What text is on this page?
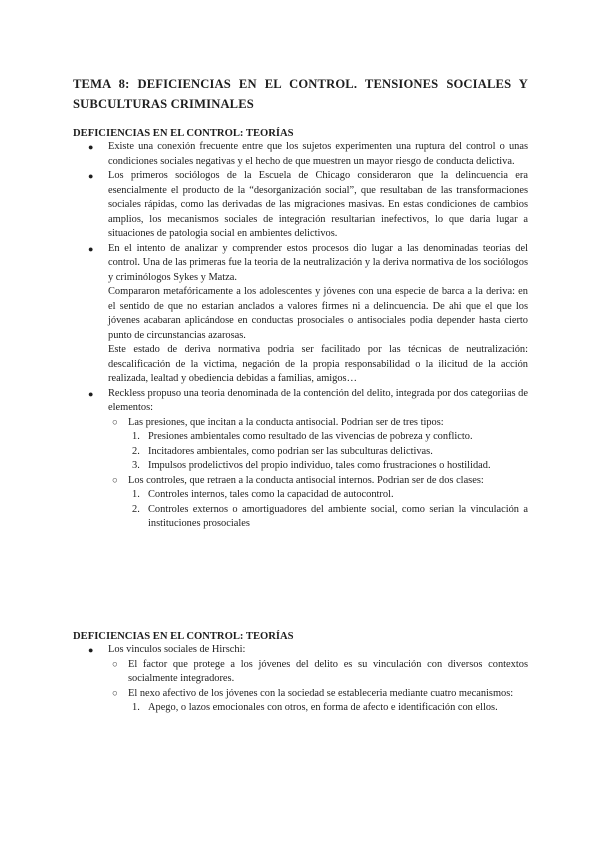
TEMA 8: DEFICIENCIAS EN EL CONTROL. TENSIONES SOCIALES Y SUBCULTURAS CRIMINALES
DEFICIENCIAS EN EL CONTROL: TEORÍAS
● Existe una conexión frecuente entre que los sujetos experimenten una ruptura del control o unas condiciones sociales negativas y el hecho de que muestren un mayor riesgo de conducta delictiva.
● Los primeros sociólogos de la Escuela de Chicago consideraron que la delincuencia era esencialmente el producto de la “desorganización social”, que resultaban de las transformaciones sociales rápidas, como las derivadas de las migraciones masivas. En estas condiciones de cambios amplios, los mecanismos sociales de integración resultarian inefectivos, lo que daria lugar a situaciones de patologia social en ambientes delictivos.
● En el intento de analizar y comprender estos procesos dio lugar a las denominadas teorias del control. Una de las primeras fue la teoria de la neutralización y la deriva normativa de los sociólogos y criminólogos Sykes y Matza.
Compararon metafóricamente a los adolescentes y jóvenes con una especie de barca a la deriva: en el sentido de que no estarian anclados a valores firmes ni a delincuencia. De ahi que el que los jóvenes acabaran aplicándose en conductas prosociales o antisociales podia depender hasta cierto punto de circunstancias azarosas.
Este estado de deriva normativa podria ser facilitado por las técnicas de neutralización: descalificación de la victima, negación de la propia responsabilidad o la ilicitud de la acción realizada, lealtad y obediencia debidas a familias, amigos…
● Reckless propuso una teoria denominada de la contención del delito, integrada por dos categoriias de elementos:
○ Las presiones, que incitan a la conducta antisocial. Podrian ser de tres tipos:
1. Presiones ambientales como resultado de las vivencias de pobreza y conflicto.
2. Incitadores ambientales, como podrian ser las subculturas delictivas.
3. Impulsos prodelictivos del propio individuo, tales como frustraciones o hostilidad.
○ Los controles, que retraen a la conducta antisocial internos. Podrian ser de dos clases:
1. Controles internos, tales como la capacidad de autocontrol.
2. Controles externos o amortiguadores del ambiente social, como serian la vinculación a instituciones prosociales
DEFICIENCIAS EN EL CONTROL: TEORÍAS
● Los vinculos sociales de Hirschi:
○ El factor que protege a los jóvenes del delito es su vinculación con diversos contextos socialmente integradores.
○ El nexo afectivo de los jóvenes con la sociedad se estableceria mediante cuatro mecanismos:
1. Apego, o lazos emocionales con otros, en forma de afecto e identificación con ellos.
